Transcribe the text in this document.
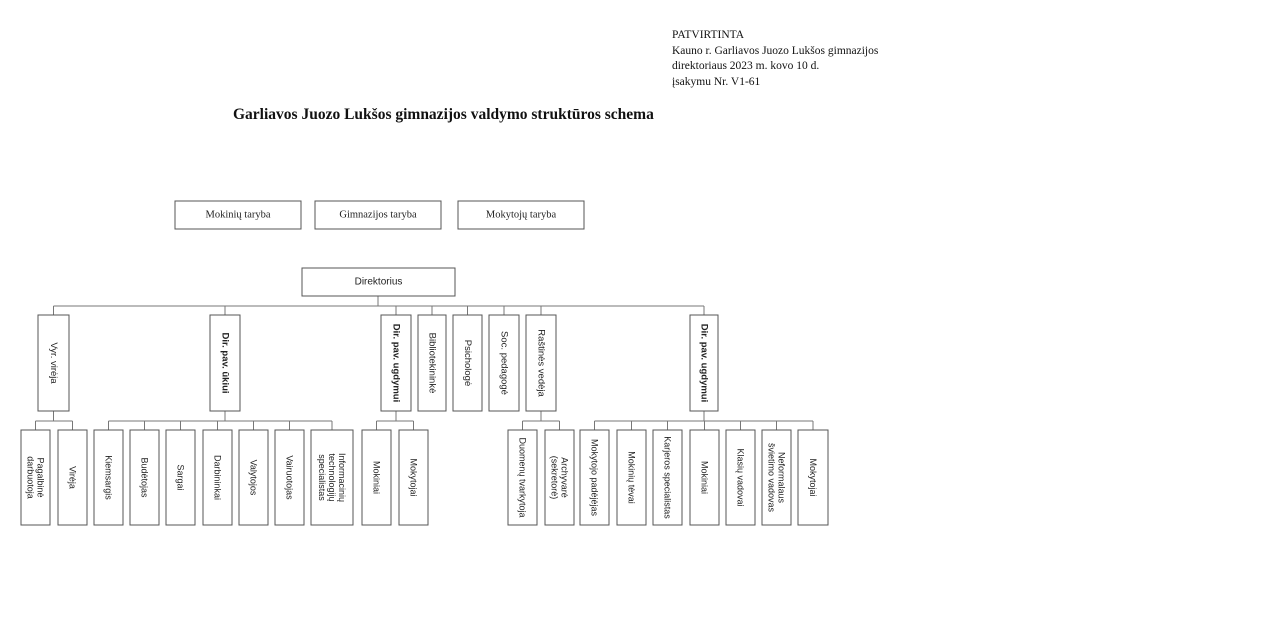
PATVIRTINTA
Kauno r. Garliavos Juozo Lukšos gimnazijos
direktoriaus 2023 m. kovo 10 d.
įsakymu Nr. V1-61
Garliavos Juozo Lukšos gimnazijos valdymo struktūros schema
Mokinių taryba	Gimnazijos taryba	Mokytojų taryba
Direktorius
Vyr. virėja	Dir. pav. ūkiui	Dir. pav. ugdymui	Bibliotekininkė	Psichologė	Soc. pedagogė	Raštinės vedėja	Dir. pav. ugdymui
Pagalbinė
darbuotoja	Virėja	Kiemsargis	Budėtojas	Sargai	Darbininkai	Valytojos	Vairuotojas	Informacinių
technologijų
specialistas	Mokiniai	Mokytojai	Duomenų tvarkytoja	Archyvarė
(sekretorė)	Mokytojo padėjėjas	Mokinių tėvai	Karjeros specialistas	Mokiniai	Klasių vadovai	Neformalaus
švietimo vadovas	Mokytojai
